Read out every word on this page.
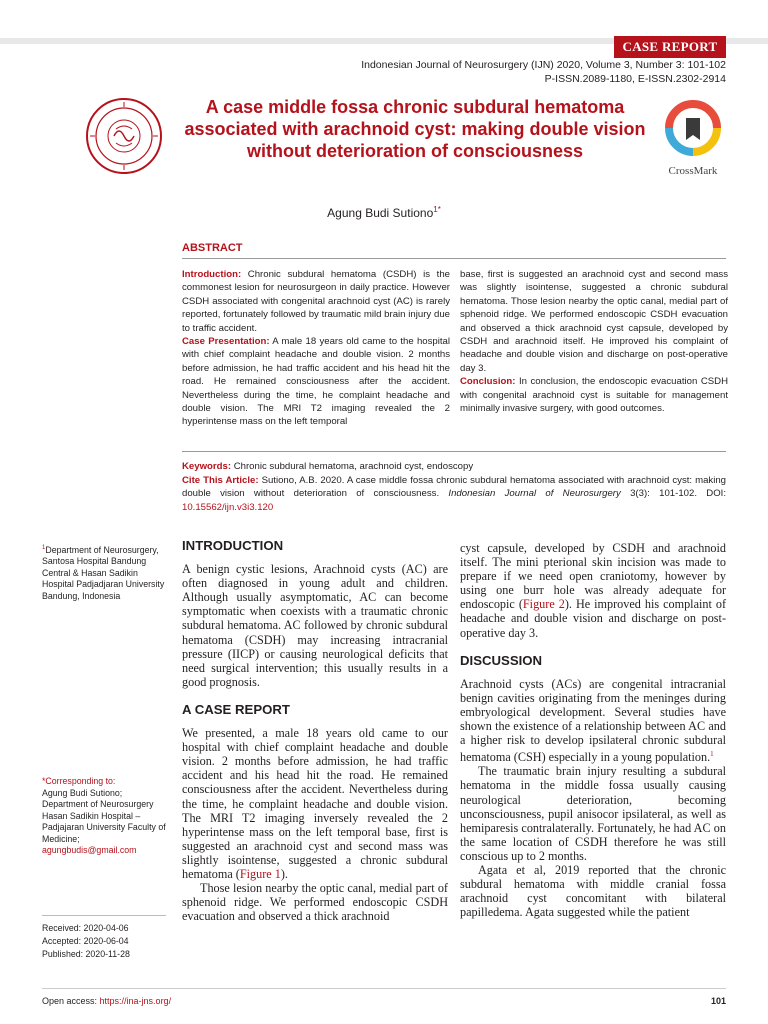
CASE REPORT
Indonesian Journal of Neurosurgery (IJN) 2020, Volume 3, Number 3: 101-102
P-ISSN.2089-1180, E-ISSN.2302-2914
A case middle fossa chronic subdural hematoma associated with arachnoid cyst: making double vision without deterioration of consciousness
CrossMark
Agung Budi Sutiono$^{1*}$
ABSTRACT
Introduction: Chronic subdural hematoma (CSDH) is the commonest lesion for neurosurgeon in daily practice. However CSDH associated with congenital arachnoid cyst (AC) is rarely reported, fortunately followed by traumatic mild brain injury due to traffic accident.
Case Presentation: A male 18 years old came to the hospital with chief complaint headache and double vision. 2 months before admission, he had traffic accident and his head hit the road. He remained consciousness after the accident. Nevertheless during the time, he complaint headache and double vision. The MRI T2 imaging revealed the 2 hyperintense mass on the left temporal
base, first is suggested an arachnoid cyst and second mass was slightly isointense, suggested a chronic subdural hematoma. Those lesion nearby the optic canal, medial part of sphenoid ridge. We performed endoscopic CSDH evacuation and observed a thick arachnoid cyst capsule, developed by CSDH and arachnoid itself. He improved his complaint of headache and double vision and discharge on post-operative day 3.
Conclusion: In conclusion, the endoscopic evacuation CSDH with congenital arachnoid cyst is suitable for management minimally invasive surgery, with good outcomes.
Keywords: Chronic subdural hematoma, arachnoid cyst, endoscopy
Cite This Article: Sutiono, A.B. 2020. A case middle fossa chronic subdural hematoma associated with arachnoid cyst: making double vision without deterioration of consciousness. Indonesian Journal of Neurosurgery 3(3): 101-102. DOI: 10.15562/ijn.v3i3.120
$^1$Department of Neurosurgery, Santosa Hospital Bandung Central & Hasan Sadikin Hospital Padjadjaran University Bandung, Indonesia
*Corresponding to:
Agung Budi Sutiono; Department of Neurosurgery Hasan Sadikin Hospital – Padjajaran University Faculty of Medicine;
agungbudis@gmail.com
Received: 2020-04-06
Accepted: 2020-06-04
Published: 2020-11-28

INTRODUCTION

A benign cystic lesions, Arachnoid cysts (AC) are often diagnosed in young adult and children. Although usually asymptomatic, AC can become symptomatic when coexists with a traumatic chronic subdural hematoma. AC followed by chronic subdural hematoma (CSDH) may increasing intracranial pressure (IICP) or causing neurological deficits that need surgical intervention; this usually results in a good prognosis.

A CASE REPORT

We presented, a male 18 years old came to our hospital with chief complaint headache and double vision. 2 months before admission, he had traffic accident and his head hit the road. He remained consciousness after the accident. Nevertheless during the time, he complaint headache and double vision. The MRI T2 imaging inversely revealed the 2 hyperintense mass on the left temporal base, first is suggested an arachnoid cyst and second mass was slightly isointense, suggested a chronic subdural hematoma (Figure 1).

Those lesion nearby the optic canal, medial part of sphenoid ridge. We performed endoscopic CSDH evacuation and observed a thick arachnoid

cyst capsule, developed by CSDH and arachnoid itself. The mini pterional skin incision was made to prepare if we need open craniotomy, however by using one burr hole was already adequate for endoscopic (Figure 2). He improved his complaint of headache and double vision and discharge on post-operative day 3.

DISCUSSION

Arachnoid cysts (ACs) are congenital intracranial benign cavities originating from the meninges during embryological development. Several studies have shown the existence of a relationship between AC and a higher risk to develop ipsilateral chronic subdural hematoma (CSH) especially in a young population.$^1$

The traumatic brain injury resulting a subdural hematoma in the middle fossa usually causing neurological deterioration, becoming unconsciousness, pupil anisocor ipsilateral, as well as hemiparesis contralaterally. Fortunately, he had AC on the same location of CSDH therefore he was still conscious up to 2 months.

Agata et al, 2019 reported that the chronic subdural hematoma with middle cranial fossa arachnoid cyst concomitant with bilateral papilledema. Agata suggested while the patient

Open access: https://ina-jns.org/	101
